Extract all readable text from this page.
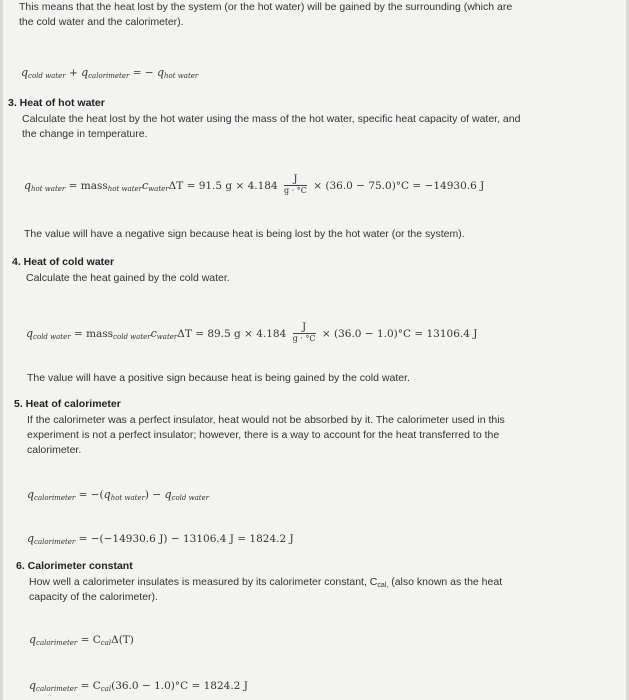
This means that the heat lost by the system (or the hot water) will be gained by the surrounding (which are
the cold water and the calorimeter).
qcold water + qcalorimeter = − qhot water
3. Heat of hot water
Calculate the heat lost by the hot water using the mass of the hot water, specific heat capacity of water, and
the change in temperature.
qhot water = masshot watercwaterΔT = 91.5 $g \times 4.184 \frac{J}{g \cdot ^\circ C} \times (36.0 - 75.0)^\circ C = -14930.6$ J
The value will have a negative sign because heat is being lost by the hot water (or the system).
4. Heat of cold water
Calculate the heat gained by the cold water.
qcold water = masscold watercwaterΔT = 89.5 $g \times 4.184 \frac{J}{g \cdot ^\circ C} \times (36.0 - 1.0)^\circ C = 13106.4$ J
The value will have a positive sign because heat is being gained by the cold water.
5. Heat of calorimeter
If the calorimeter was a perfect insulator, heat would not be absorbed by it. The calorimeter used in this
experiment is not a perfect insulator; however, there is a way to account for the heat transferred to the
calorimeter.
qcalorimeter = −(qhot water) − qcold water
qcalorimeter = −(−14930.6 J) − 13106.4 J = 1824.2 J
6. Calorimeter constant
How well a calorimeter insulates is measured by its calorimeter constant, Ccal, (also known as the heat
capacity of the calorimeter).
qcalorimeter = CcalΔ(T)
qcalorimeter = Ccal(36.0 − 1.0)°C = 1824.2 J
